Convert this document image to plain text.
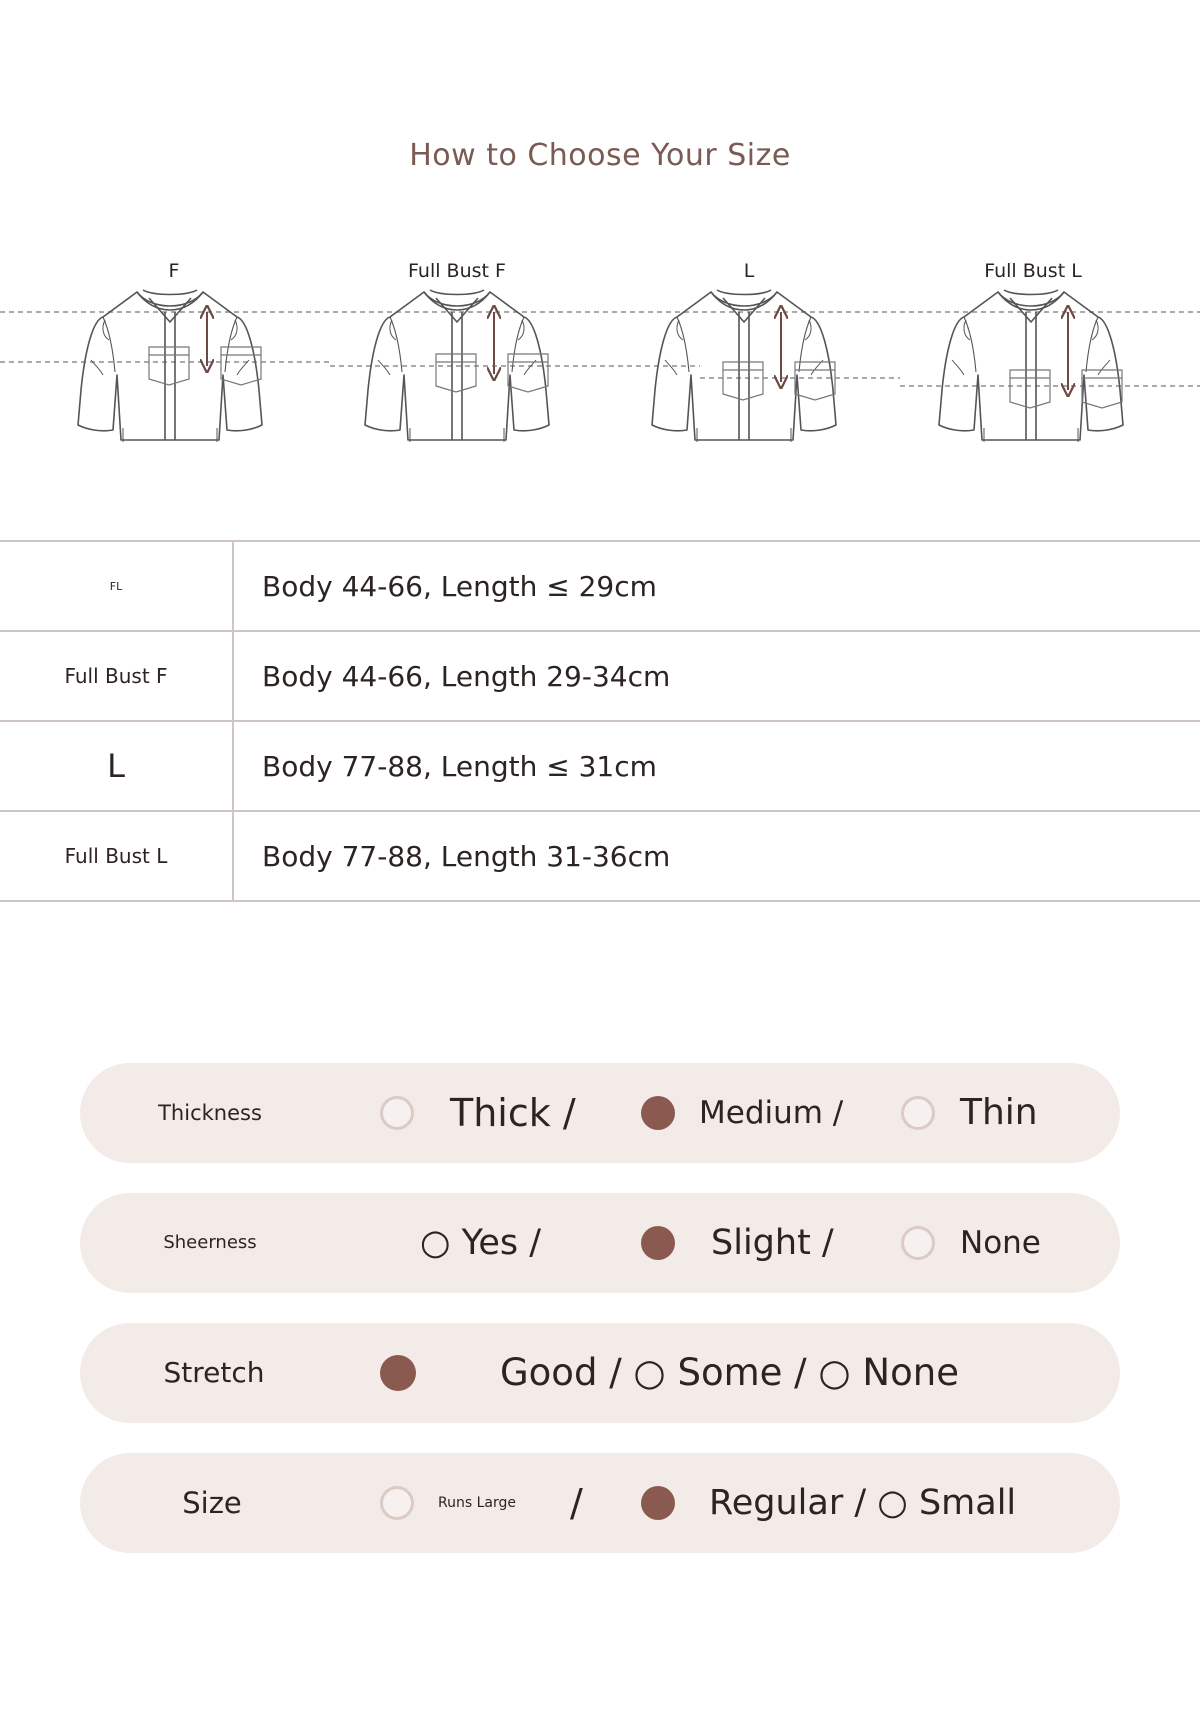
How to Choose Your Size
F	Full Bust F	L	Full Bust L
FL	Body 44-66, Length ≤ 29cm
Full Bust F	Body 44-66, Length 29-34cm
L	Body 77-88, Length ≤ 31cm
Full Bust L	Body 77-88, Length 31-36cm
Thickness	Thick /	Medium /	Thin
Sheerness	○ Yes /	Slight /	None
Stretch	Good / ○ Some / ○ None
Size	Runs Large /	Regular / ○ Small
